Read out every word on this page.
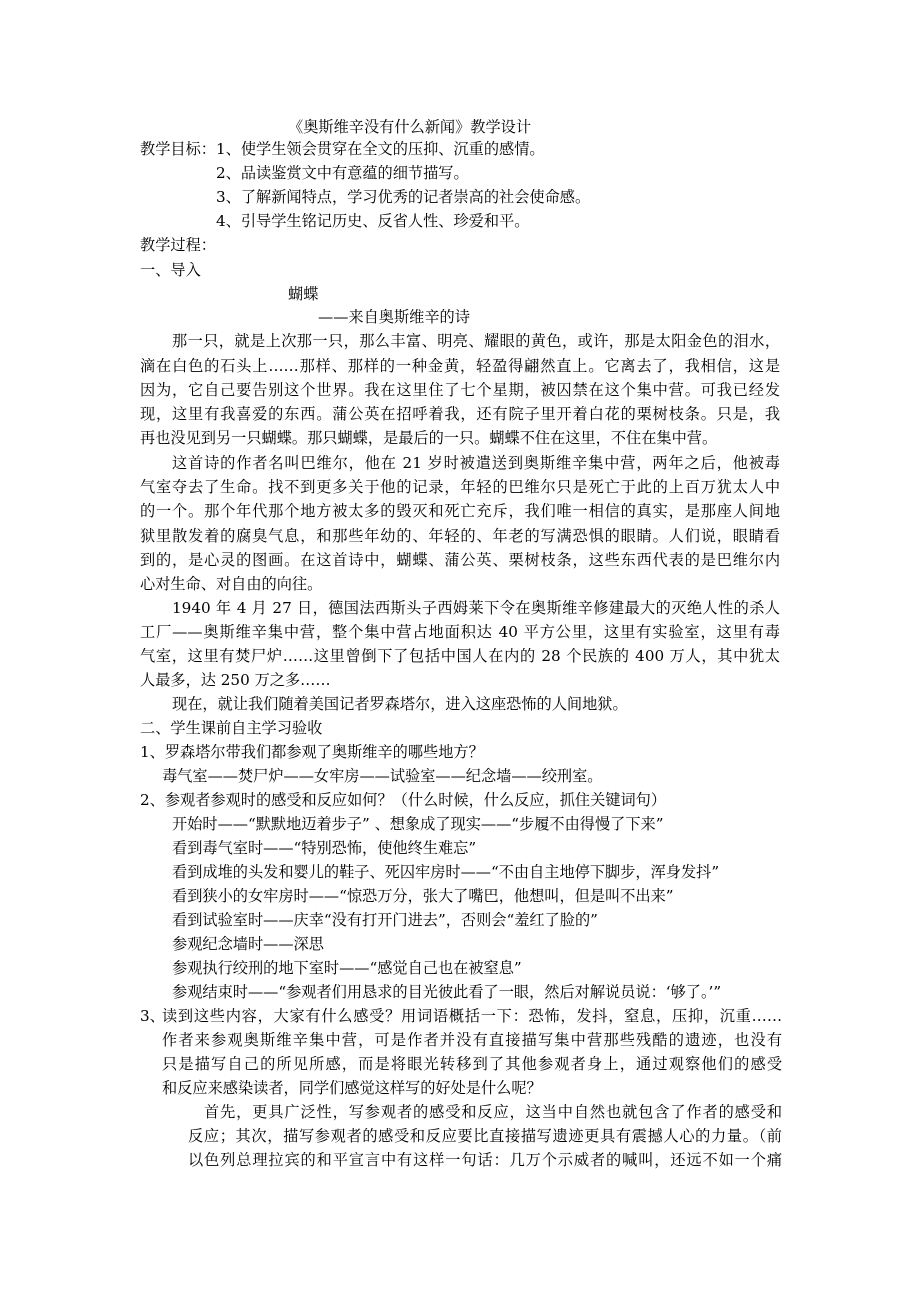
《奥斯维辛没有什么新闻》教学设计
教学目标： 1、使学生领会贯穿在全文的压抑、沉重的感情。
2、品读鉴赏文中有意蕴的细节描写。
3、了解新闻特点，学习优秀的记者崇高的社会使命感。
4、引导学生铭记历史、反省人性、珍爱和平。
教学过程：
一、导入
蝴蝶
——来自奥斯维辛的诗
那一只，就是上次那一只，那么丰富、明亮、耀眼的黄色，或许，那是太阳金色的泪水，
滴在白色的石头上……那样、那样的一种金黄，轻盈得翩然直上。它离去了，我相信，这是
因为，它自己要告别这个世界。我在这里住了七个星期，被囚禁在这个集中营。可我已经发
现，这里有我喜爱的东西。蒲公英在招呼着我，还有院子里开着白花的栗树枝条。只是，我
再也没见到另一只蝴蝶。那只蝴蝶，是最后的一只。蝴蝶不住在这里，不住在集中营。
这首诗的作者名叫巴维尔，他在 21 岁时被遣送到奥斯维辛集中营，两年之后，他被毒
气室夺去了生命。找不到更多关于他的记录，年轻的巴维尔只是死亡于此的上百万犹太人中
的一个。那个年代那个地方被太多的毁灭和死亡充斥，我们唯一相信的真实，是那座人间地
狱里散发着的腐臭气息，和那些年幼的、年轻的、年老的写满恐惧的眼睛。人们说，眼睛看
到的，是心灵的图画。在这首诗中，蝴蝶、蒲公英、栗树枝条，这些东西代表的是巴维尔内
心对生命、对自由的向往。
1940 年 4 月 27 日，德国法西斯头子西姆莱下令在奥斯维辛修建最大的灭绝人性的杀人
工厂——奥斯维辛集中营，整个集中营占地面积达 40 平方公里，这里有实验室，这里有毒
气室，这里有焚尸炉……这里曾倒下了包括中国人在内的 28 个民族的 400 万人，其中犹太
人最多，达 250 万之多……
现在，就让我们随着美国记者罗森塔尔，进入这座恐怖的人间地狱。
二、学生课前自主学习验收
1、罗森塔尔带我们都参观了奥斯维辛的哪些地方？
毒气室——焚尸炉——女牢房——试验室——纪念墙——绞刑室。
2、参观者参观时的感受和反应如何？（什么时候，什么反应，抓住关键词句）
开始时——“默默地迈着步子” 、想象成了现实——“步履不由得慢了下来”
看到毒气室时——“特别恐怖，使他终生难忘”
看到成堆的头发和婴儿的鞋子、死囚牢房时——“不由自主地停下脚步，浑身发抖”
看到狭小的女牢房时——“惊恐万分，张大了嘴巴，他想叫，但是叫不出来”
看到试验室时——庆幸“没有打开门进去”，否则会“羞红了脸的”
参观纪念墙时——深思
参观执行绞刑的地下室时——“感觉自己也在被窒息”
参观结束时——“参观者们用恳求的目光彼此看了一眼，然后对解说员说：‘够了。’”
3、
读到这些内容，大家有什么感受？用词语概括一下：恐怖，发抖，窒息，压抑，沉重……
作者来参观奥斯维辛集中营，可是作者并没有直接描写集中营那些残酷的遗迹，也没有
只是描写自己的所见所感，而是将眼光转移到了其他参观者身上，通过观察他们的感受
和反应来感染读者，同学们感觉这样写的好处是什么呢？
首先，更具广泛性，写参观者的感受和反应，这当中自然也就包含了作者的感受和
反应；其次，描写参观者的感受和反应要比直接描写遗迹更具有震撼人心的力量。（前
以色列总理拉宾的和平宣言中有这样一句话：几万个示威者的喊叫，还远不如一个痛
